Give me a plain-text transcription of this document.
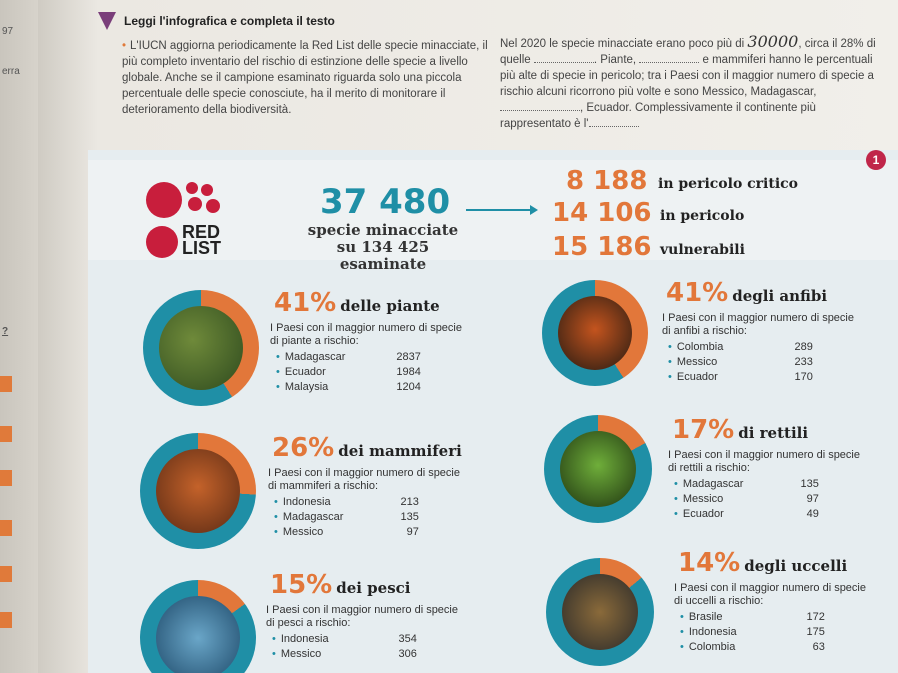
97
erra
?
Leggi l'infografica e completa il testo
• L'IUCN aggiorna periodicamente la Red List delle specie minacciate, il più completo inventario del rischio di estinzione delle specie a livello globale. Anche se il campione esaminato riguarda solo una piccola percentuale delle specie conosciute, ha il merito di monitorare il deterioramento della biodiversità.
Nel 2020 le specie minacciate erano poco più di 30000, circa il 28% di quelle	. Piante,	e mammiferi hanno le percentuali più alte di specie in pericolo; tra i Paesi con il maggior numero di specie a rischio alcuni ricorrono più volte e sono Messico, Madagascar, , Ecuador. Complessivamente il continente più rappresentato è l'
RED
LIST
37 480
specie minacciate
su 134 425 esaminate
8 188 in pericolo critico
14 106 in pericolo
15 186 vulnerabili
1
41% delle piante
I Paesi con il maggior numero di specie
di piante a rischio:
• Madagascar	2837
• Ecuador	1984
• Malaysia	1204
41% degli anfibi
I Paesi con il maggior numero di specie
di anfibi a rischio:
• Colombia	289
• Messico	233
• Ecuador	170
26% dei mammiferi
I Paesi con il maggior numero di specie
di mammiferi a rischio:
• Indonesia	213
• Madagascar	135
• Messico	97
17% di rettili
I Paesi con il maggior numero di specie
di rettili a rischio:
• Madagascar	135
• Messico	97
• Ecuador	49
15% dei pesci
I Paesi con il maggior numero di specie
di pesci a rischio:
• Indonesia	354
• Messico	306
14% degli uccelli
I Paesi con il maggior numero di specie
di uccelli a rischio:
• Brasile	172
• Indonesia	175
• Colombia	63
